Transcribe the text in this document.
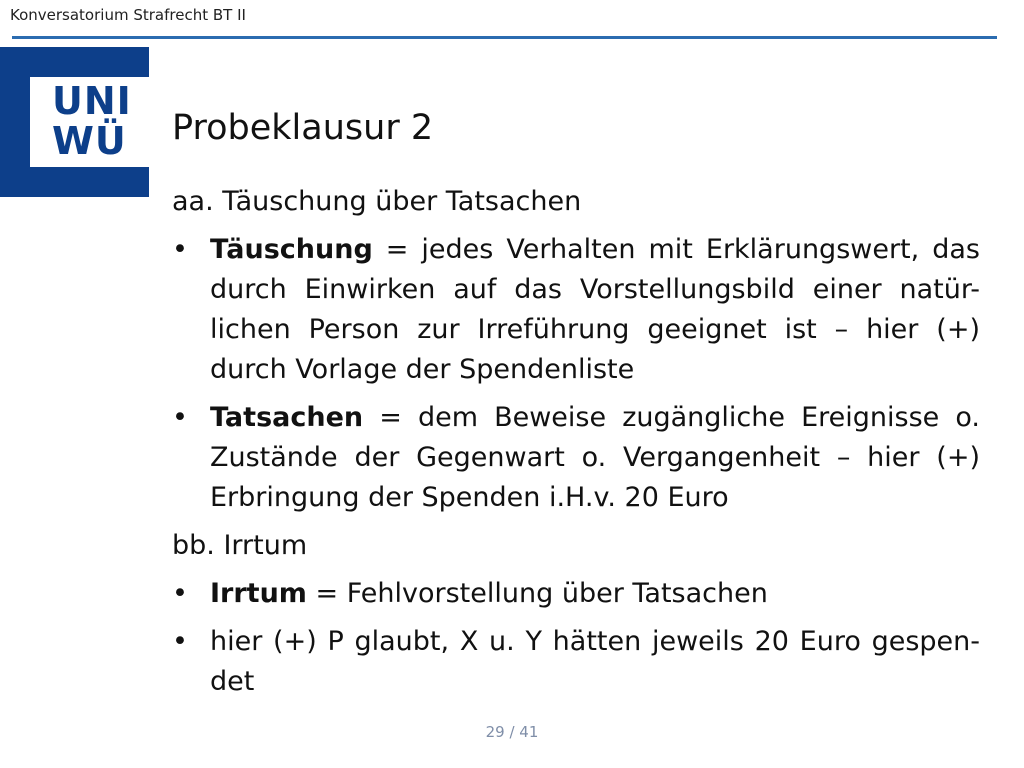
Konversatorium Strafrecht BT II
UNI
WÜ	Probeklausur 2
aa. Täuschung über Tatsachen
• Täuschung = jedes Verhalten mit Erklärungswert, das durch Einwirken auf das Vorstellungsbild einer natür-lichen Person zur Irreführung geeignet ist – hier (+) durch Vorlage der Spendenliste
• Tatsachen = dem Beweise zugängliche Ereignisse o. Zustände der Gegenwart o. Vergangenheit – hier (+) Erbringung der Spenden i.H.v. 20 Euro
bb. Irrtum
• Irrtum = Fehlvorstellung über Tatsachen
• hier (+) P glaubt, X u. Y hätten jeweils 20 Euro gespen-det
29 / 41
